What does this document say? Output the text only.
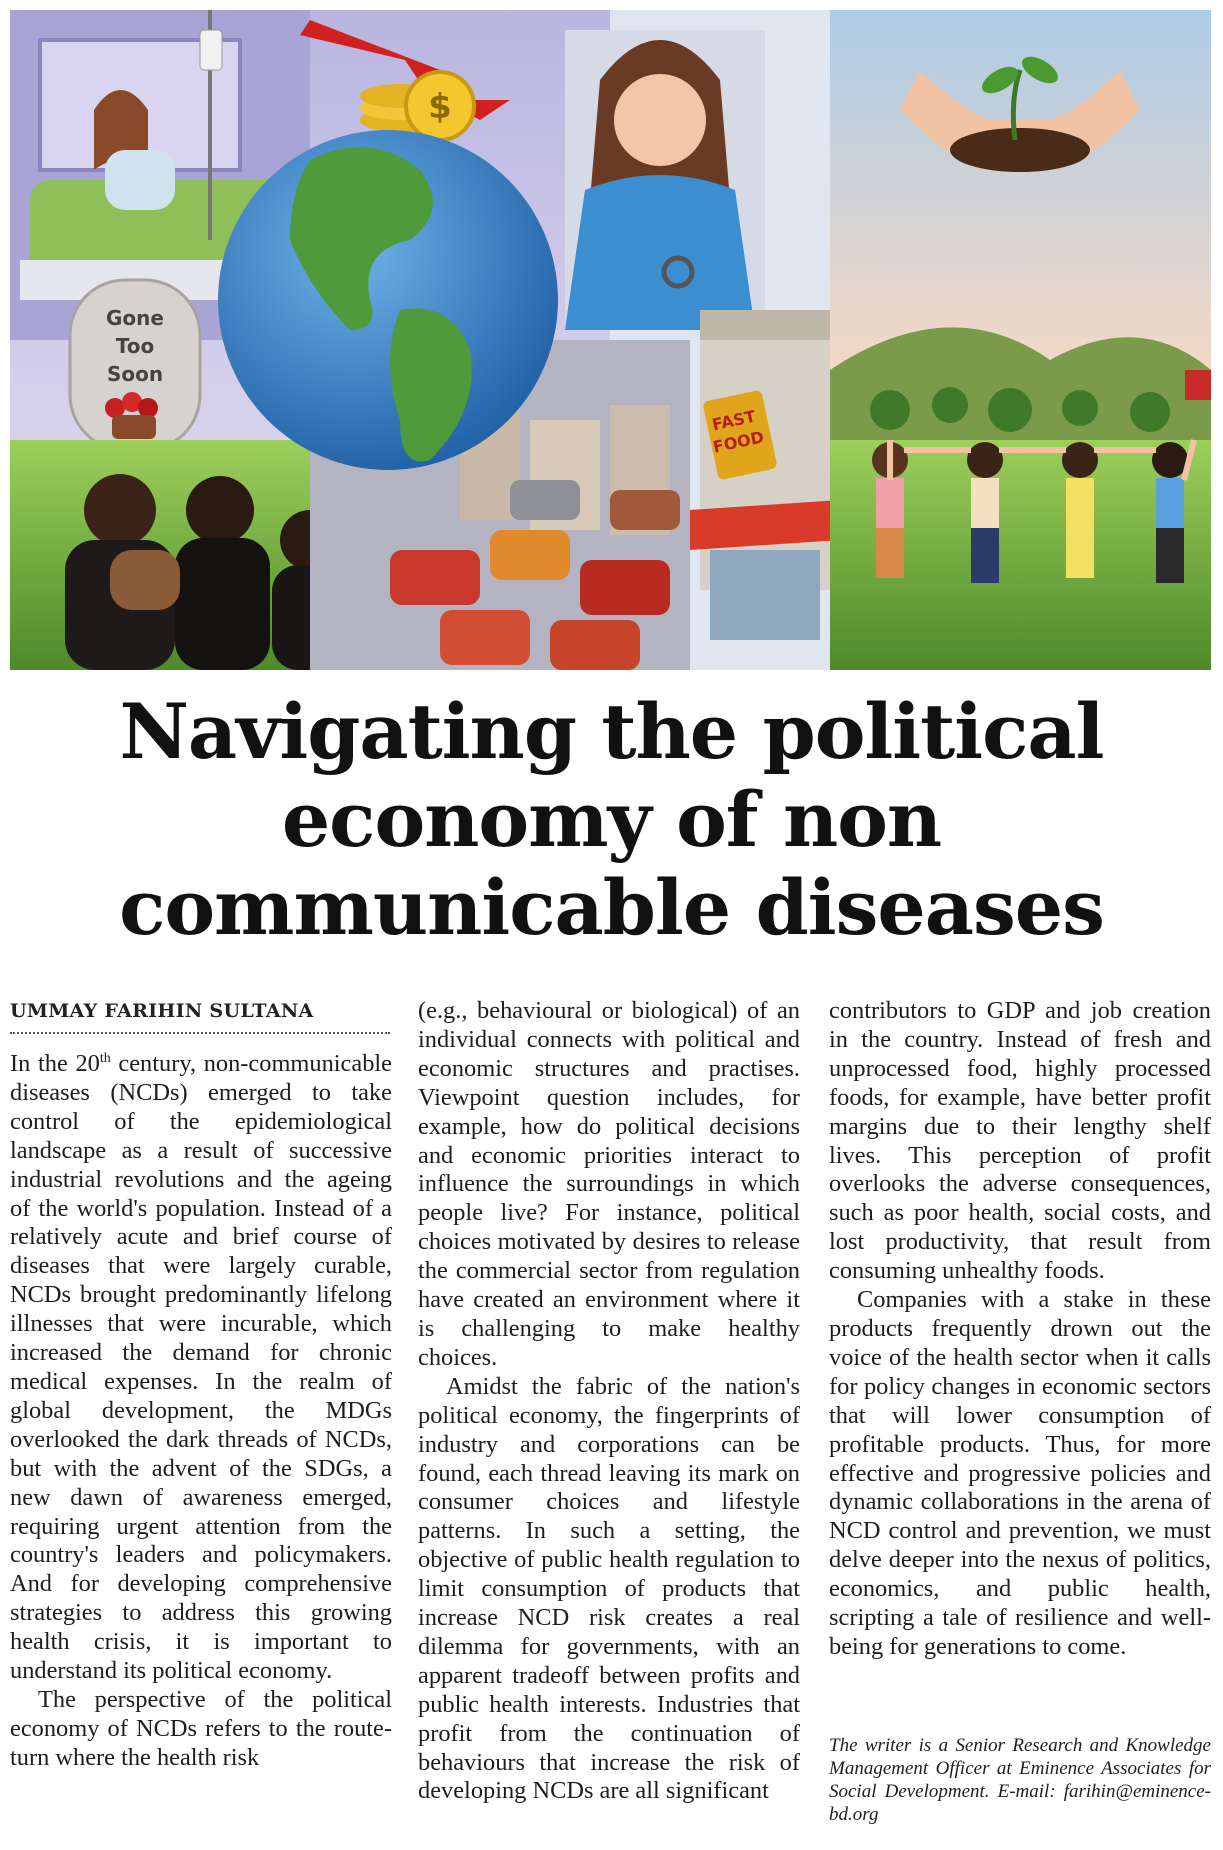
Gone
Too
Soon
$
FAST
FOOD
Navigating the political
economy of non
communicable diseases
UMMAY FARIHIN SULTANA

In the 20th century, non-communicable diseases (NCDs) emerged to take control of the epidemiological landscape as a result of successive industrial revolutions and the ageing of the world's population. Instead of a relatively acute and brief course of diseases that were largely curable, NCDs brought predominantly lifelong illnesses that were incurable, which increased the demand for chronic medical expenses. In the realm of global development, the MDGs overlooked the dark threads of NCDs, but with the advent of the SDGs, a new dawn of awareness emerged, requiring urgent attention from the country's leaders and policymakers. And for developing comprehensive strategies to address this growing health crisis, it is important to understand its political economy.

The perspective of the political economy of NCDs refers to the route-turn where the health risk

(e.g., behavioural or biological) of an individual connects with political and economic structures and practises. Viewpoint question includes, for example, how do political decisions and economic priorities interact to influence the surroundings in which people live? For instance, political choices motivated by desires to release the commercial sector from regulation have created an environment where it is challenging to make healthy choices.

Amidst the fabric of the nation's political economy, the fingerprints of industry and corporations can be found, each thread leaving its mark on consumer choices and lifestyle patterns. In such a setting, the objective of public health regulation to limit consumption of products that increase NCD risk creates a real dilemma for governments, with an apparent tradeoff between profits and public health interests. Industries that profit from the continuation of behaviours that increase the risk of developing NCDs are all significant

contributors to GDP and job creation in the country. Instead of fresh and unprocessed food, highly processed foods, for example, have better profit margins due to their lengthy shelf lives. This perception of profit overlooks the adverse consequences, such as poor health, social costs, and lost productivity, that result from consuming unhealthy foods.

Companies with a stake in these products frequently drown out the voice of the health sector when it calls for policy changes in economic sectors that will lower consumption of profitable products. Thus, for more effective and progressive policies and dynamic collaborations in the arena of NCD control and prevention, we must delve deeper into the nexus of politics, economics, and public health, scripting a tale of resilience and well-being for generations to come.

The writer is a Senior Research and Knowledge Management Officer at Eminence Associates for Social Development. E-mail: farihin@eminence-bd.org
